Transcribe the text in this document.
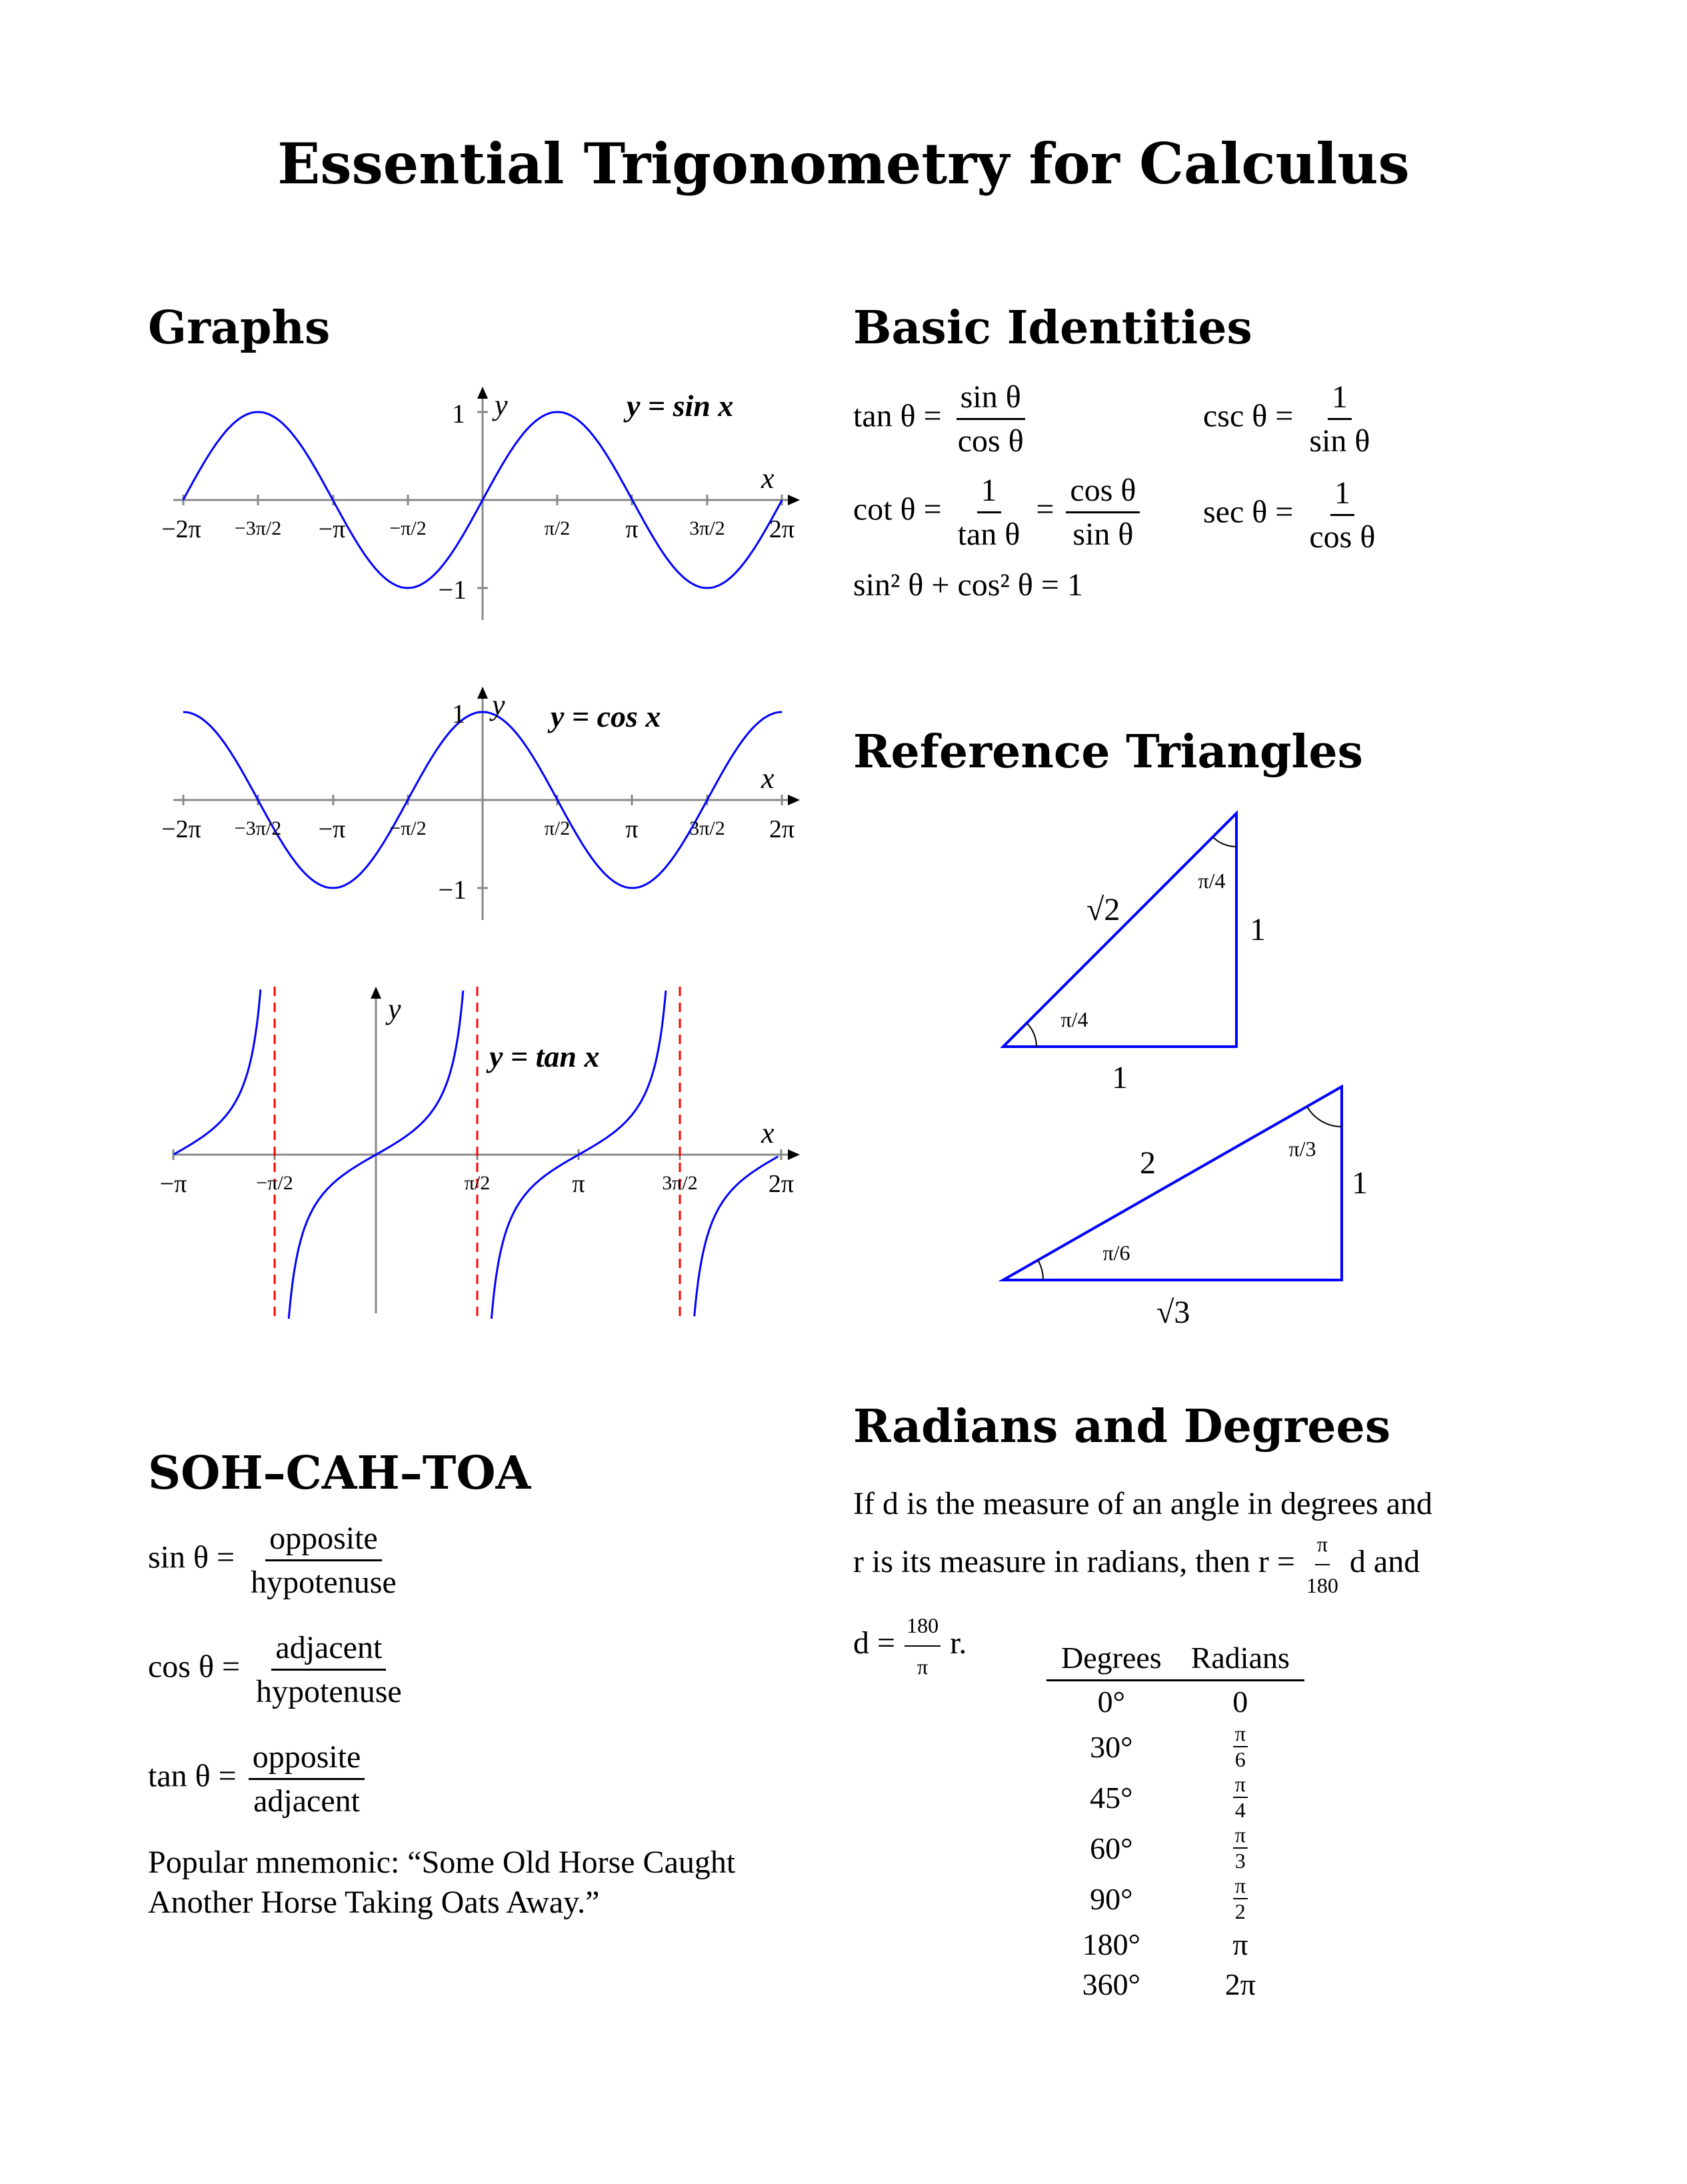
Essential Trigonometry for Calculus
Graphs
1
−1
y
x
y = sin x
−2π −3π/2 −π −π/2	π/2 π	3π/2 2π
1
−1
y
x
y = cos x
−2π −3π/2 −π −π/2	π/2 π	3π/2 2π
y
x
y = tan x
−π	−π/2	π/2	π	3π/2	2π
Basic Identities
$\tan \theta = \frac{\text{sin θ}}{\text{cos θ}}$	$\csc \theta = \frac{1}{\text{sin θ}}$
$\cot \theta = \frac{1}{\text{tan θ}} = \frac{\text{cos θ}}{\text{sin θ}}$ $\sec \theta = \frac{1}{\text{cos θ}}$
sin² θ + cos² θ = 1
Reference Triangles
√2
1
1
π/4
π/4
2
1
√3
π/3
π/6
SOH–CAH–TOA
$\sin \theta = \frac{\text{opposite}}{\text{hypotenuse}}$
$\cos \theta = \frac{\text{adjacent}}{\text{hypotenuse}}$
$\tan \theta = \frac{\text{opposite}}{\text{adjacent}}$
Popular mnemonic: “Some Old Horse Caught Another Horse Taking Oats Away.”
Radians and Degrees
If d is the measure of an angle in degrees and
r is its measure in radians, then $r = \frac{\pi}{180}$ d and
$d = \frac{180}{\pi} r$.	Degrees	Radians
0°	0
30°	$\frac{\pi}{6}$

45°	$\frac{\pi}{4}$

60°	$\frac{\pi}{3}$

90°	$\frac{\pi}{2}$

180°	π
360°	2π
